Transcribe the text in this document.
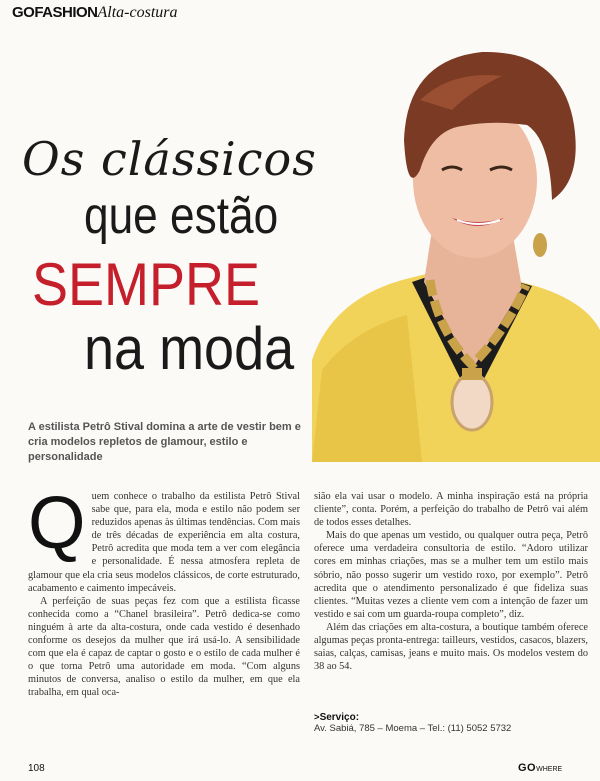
GOFASHIONAlta-costura
Os clássicos
que estão
SEMPRE
na moda
A estilista Petrô Stival domina a arte de vestir bem e cria modelos repletos de glamour, estilo e personalidade
Q uem conhece o trabalho da estilista Petrô Stival sabe que, para ela, moda e estilo não podem ser reduzidos apenas às últimas tendências. Com mais de três décadas de experiência em alta costura, Petrô acredita que moda tem a ver com elegância e personalidade. É nessa atmosfera repleta de glamour que ela cria seus modelos clássicos, de corte estruturado, acabamento e caimento impecáveis.

A perfeição de suas peças fez com que a estilista ficasse conhecida como a “Chanel brasileira”. Petrô dedica-se como ninguém à arte da alta-costura, onde cada vestido é desenhado conforme os desejos da mulher que irá usá-lo. A sensibilidade com que ela é capaz de captar o gosto e o estilo de cada mulher é o que torna Petrô uma autoridade em moda. “Com alguns minutos de conversa, analiso o estilo da mulher, em que ela trabalha, em qual oca-

sião ela vai usar o modelo. A minha inspiração está na própria cliente”, conta. Porém, a perfeição do trabalho de Petrô vai além de todos esses detalhes.

Mais do que apenas um vestido, ou qualquer outra peça, Petrô oferece uma verdadeira consultoria de estilo. “Adoro utilizar cores em minhas criações, mas se a mulher tem um estilo mais sóbrio, não posso sugerir um vestido roxo, por exemplo”. Petrô acredita que o atendimento personalizado é que fideliza suas clientes. “Muitas vezes a cliente vem com a intenção de fazer um vestido e sai com um guarda-roupa completo”, diz.

Além das criações em alta-costura, a boutique também oferece algumas peças pronta-entrega: tailleurs, vestidos, casacos, blazers, saias, calças, camisas, jeans e muito mais. Os modelos vestem do 38 ao 54.

>Serviço:
Av. Sabiá, 785 – Moema – Tel.: (11) 5052 5732
108	GOWHERE
